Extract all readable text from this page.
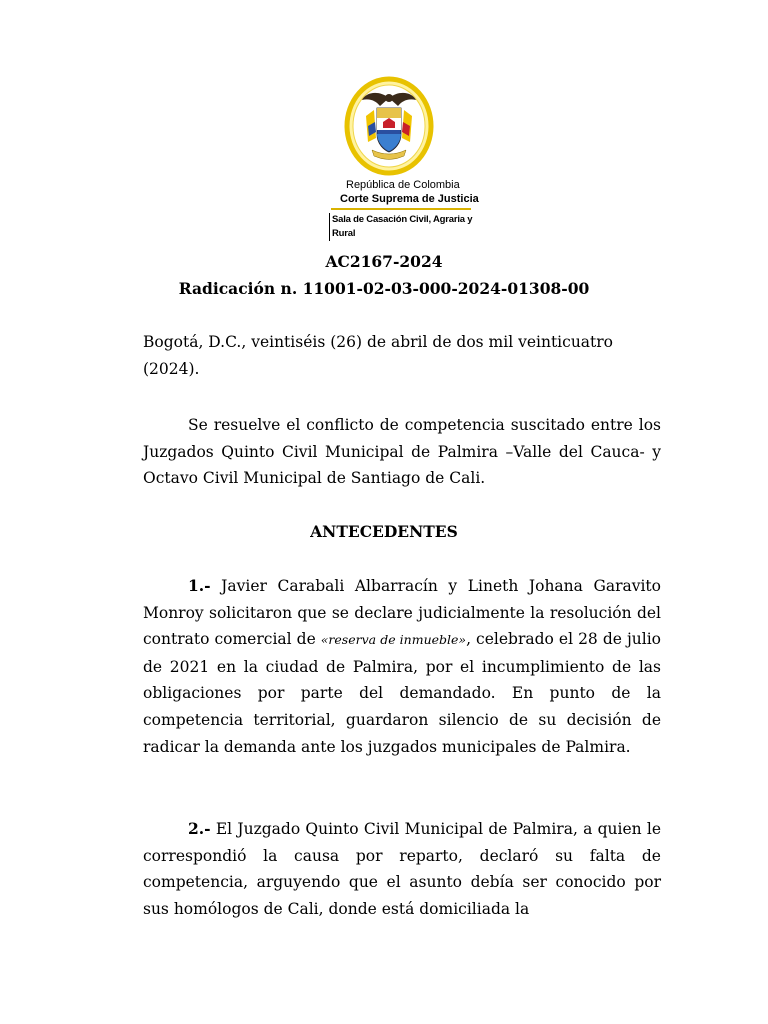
República de Colombia
Corte Suprema de Justicia
Sala de Casación Civil, Agraria y Rural
AC2167-2024
Radicación n. 11001-02-03-000-2024-01308-00
Bogotá, D.C., veintiséis (26) de abril de dos mil veinticuatro
(2024).
Se resuelve el conflicto de competencia suscitado entre los Juzgados Quinto Civil Municipal de Palmira –Valle del Cauca- y Octavo Civil Municipal de Santiago de Cali.
ANTECEDENTES
1.- Javier Carabali Albarracín y Lineth Johana Garavito Monroy solicitaron que se declare judicialmente la resolución del contrato comercial de «reserva de inmueble», celebrado el 28 de julio de 2021 en la ciudad de Palmira, por el incumplimiento de las obligaciones por parte del demandado. En punto de la competencia territorial, guardaron silencio de su decisión de radicar la demanda ante los juzgados municipales de Palmira.
2.- El Juzgado Quinto Civil Municipal de Palmira, a quien le correspondió la causa por reparto, declaró su falta de competencia, arguyendo que el asunto debía ser conocido por sus homólogos de Cali, donde está domiciliada la
